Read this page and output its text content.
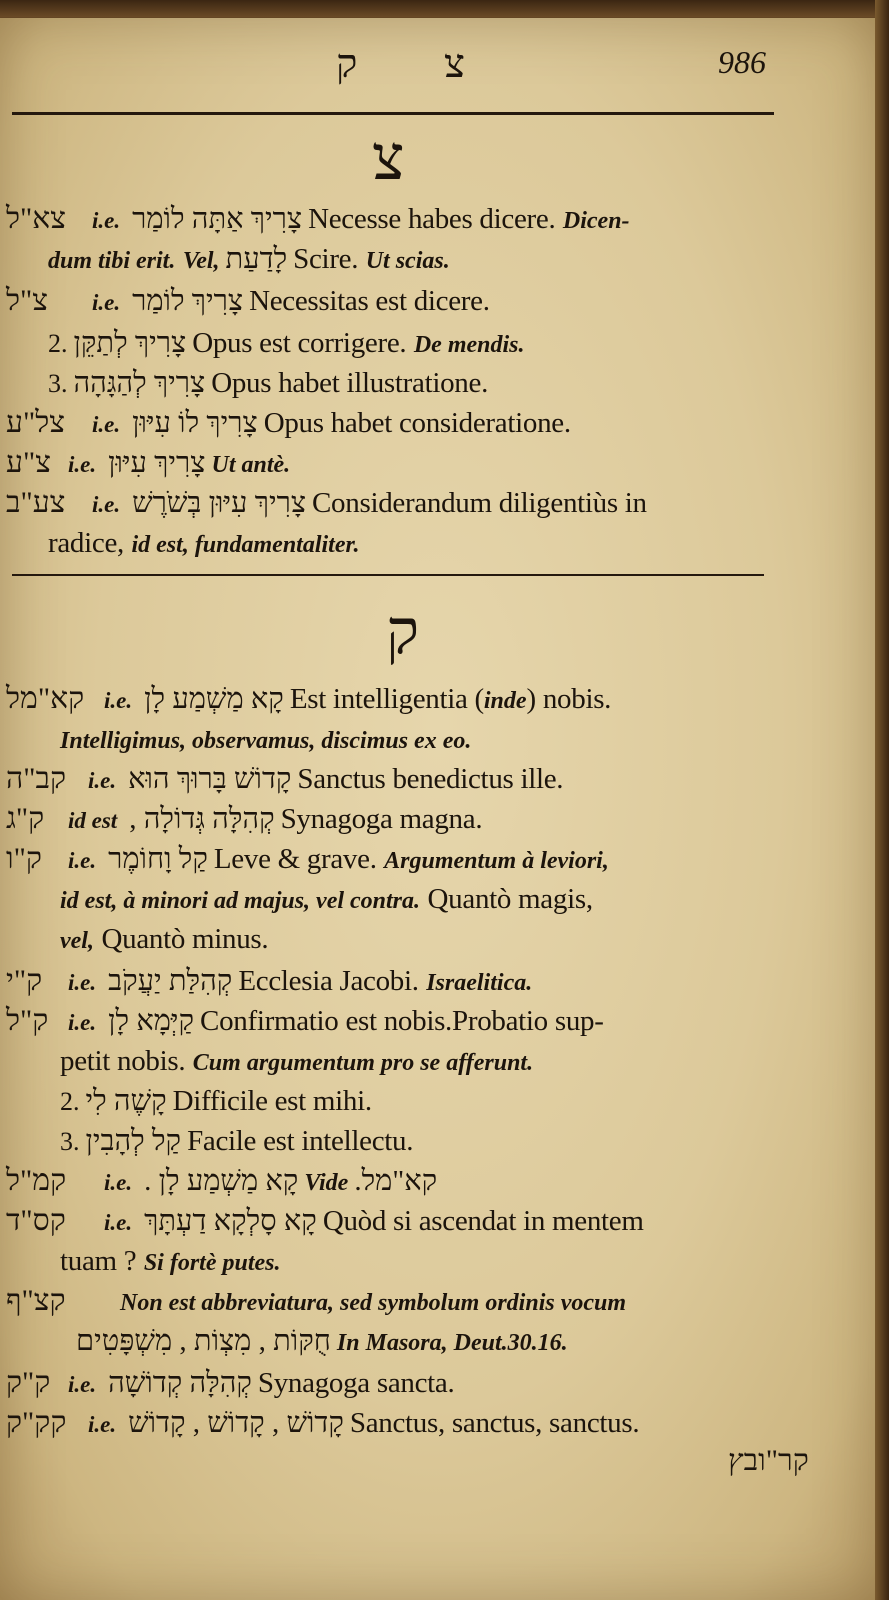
ק צ	986
צ
צא"ל i.e. צָרִיךְ אַתָּה לוֹמַר Necesse habes dicere. Dicen-
dum tibi erit. Vel, לָדַעַת Scire. Ut scias.
צ"ל i.e. צָרִיךְ לוֹמַר Necessitas est dicere.
2. צָרִיךְ לְתַקֵּן Opus est corrigere. De mendis.
3. צָרִיךְ לְהַגָּהָה Opus habet illustratione.
צל"ע i.e. צָרִיךְ לוֹ עִיּוּן Opus habet considerationе.
צ"ע i.e. צָרִיךְ עִיּוּן Ut antè.
צע"ב i.e. צָרִיךְ עִיּוּן בְּשֹׁרֶשׁ Considerandum diligentiùs in
radice, id est, fundamentaliter.
ק
קא"מל i.e. קָא מַשְׁמַע לָן Est intelligentia (inde) nobis.
Intelligimus, observamus, discimus ex eo.
קב"ה i.e. קָדוֹשׁ בָּרוּךְ הוּא Sanctus benedictus ille.
ק"ג id est קְהִלָּה גְּדוֹלָה , Synagoga magna.
ק"ו i.e. קַל וָחוֹמֶר Leve & grave. Argumentum à leviori,
id est, à minori ad majus, vel contra. Quantò magis,
vel, Quantò minus.
ק"י i.e. קְהִלַּת יַעֲקֹב Ecclesia Jacobi. Israelitica.
ק"ל i.e. קַיְּמָא לָן Confirmatio est nobis.Probatio sup-
petit nobis. Cum argumentum pro se afferunt.
2. קָשֶׁה לִי Difficile est mihi.
3. קַל לְהָבִין Facile est intellectu.
קמ"ל i.e. קָא מַשְׁמַע לָן . Vide קא"מל.
קס"ד i.e. קָא סָלְקָא דַעְתָּךְ Quòd si ascendat in mentem
tuam ? Si fortè putes.
קצ"ף Non est abbreviatura, sed symbolum ordinis vocum
חֻקּוֹת , מִצְוֹת , מִשְׁפָּטִים In Masora, Deut.30.16.
ק"ק i.e. קְהִלָּה קְדוֹשָׁה Synagoga sancta.
קק"ק i.e. קָדוֹשׁ , קָדוֹשׁ , קָדוֹשׁ Sanctus, sanctus, sanctus.
קר"ובץ
